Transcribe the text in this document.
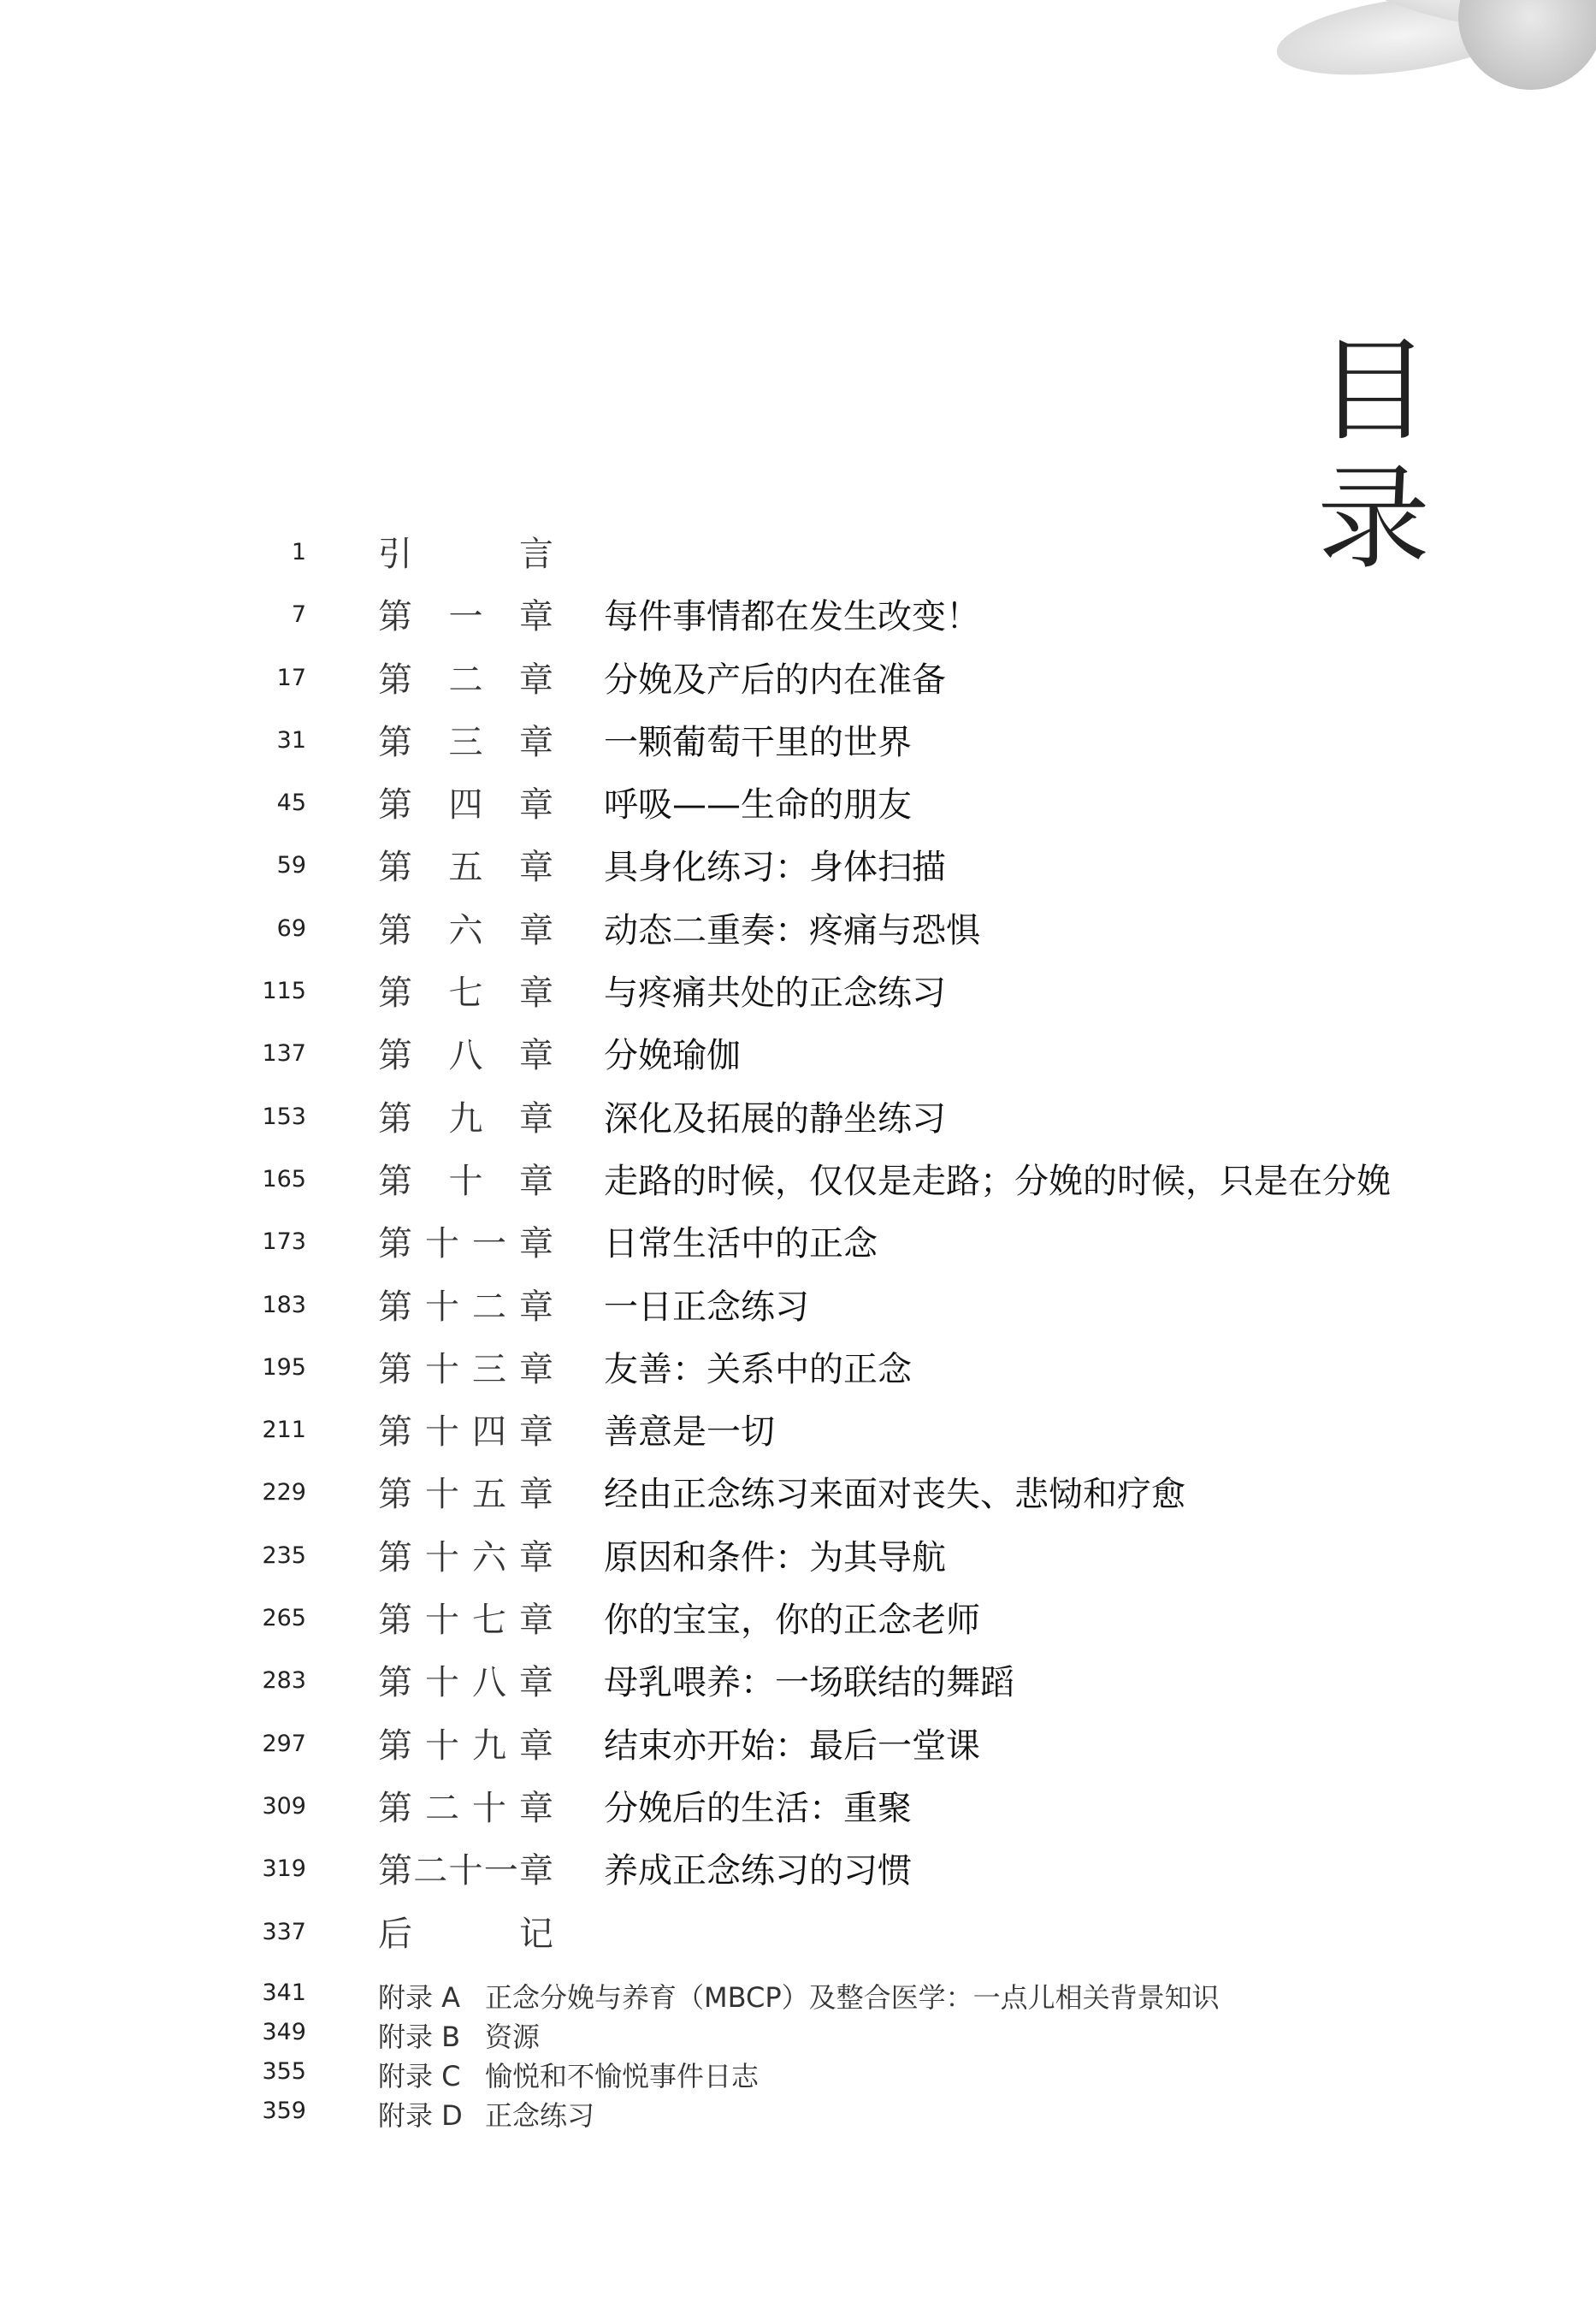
目
录
1 引	言
7 第 一 章 每件事情都在发生改变！
17 第 二 章 分娩及产后的内在准备
31 第 三 章 一颗葡萄干里的世界
45 第 四 章 呼吸——生命的朋友
59 第 五 章 具身化练习：身体扫描
69 第 六 章 动态二重奏：疼痛与恐惧
115 第 七 章 与疼痛共处的正念练习
137 第 八 章 分娩瑜伽
153 第 九 章 深化及拓展的静坐练习
165 第 十 章 走路的时候，仅仅是走路；分娩的时候，只是在分娩
173 第 十 一 章 日常生活中的正念
183 第 十 二 章 一日正念练习
195 第 十 三 章 友善：关系中的正念
211 第 十 四 章 善意是一切
229 第 十 五 章 经由正念练习来面对丧失、悲恸和疗愈
235 第 十 六 章 原因和条件：为其导航
265 第 十 七 章 你的宝宝，你的正念老师
283 第 十 八 章 母乳喂养：一场联结的舞蹈
297 第 十 九 章 结束亦开始：最后一堂课
309 第 二 十 章 分娩后的生活：重聚
319 第 二 十 一 章 养成正念练习的习惯
337 后	记
341	附录 A 正念分娩与养育（MBCP）及整合医学：一点儿相关背景知识
349	附录 B 资源
355	附录 C 愉悦和不愉悦事件日志
359	附录 D 正念练习
